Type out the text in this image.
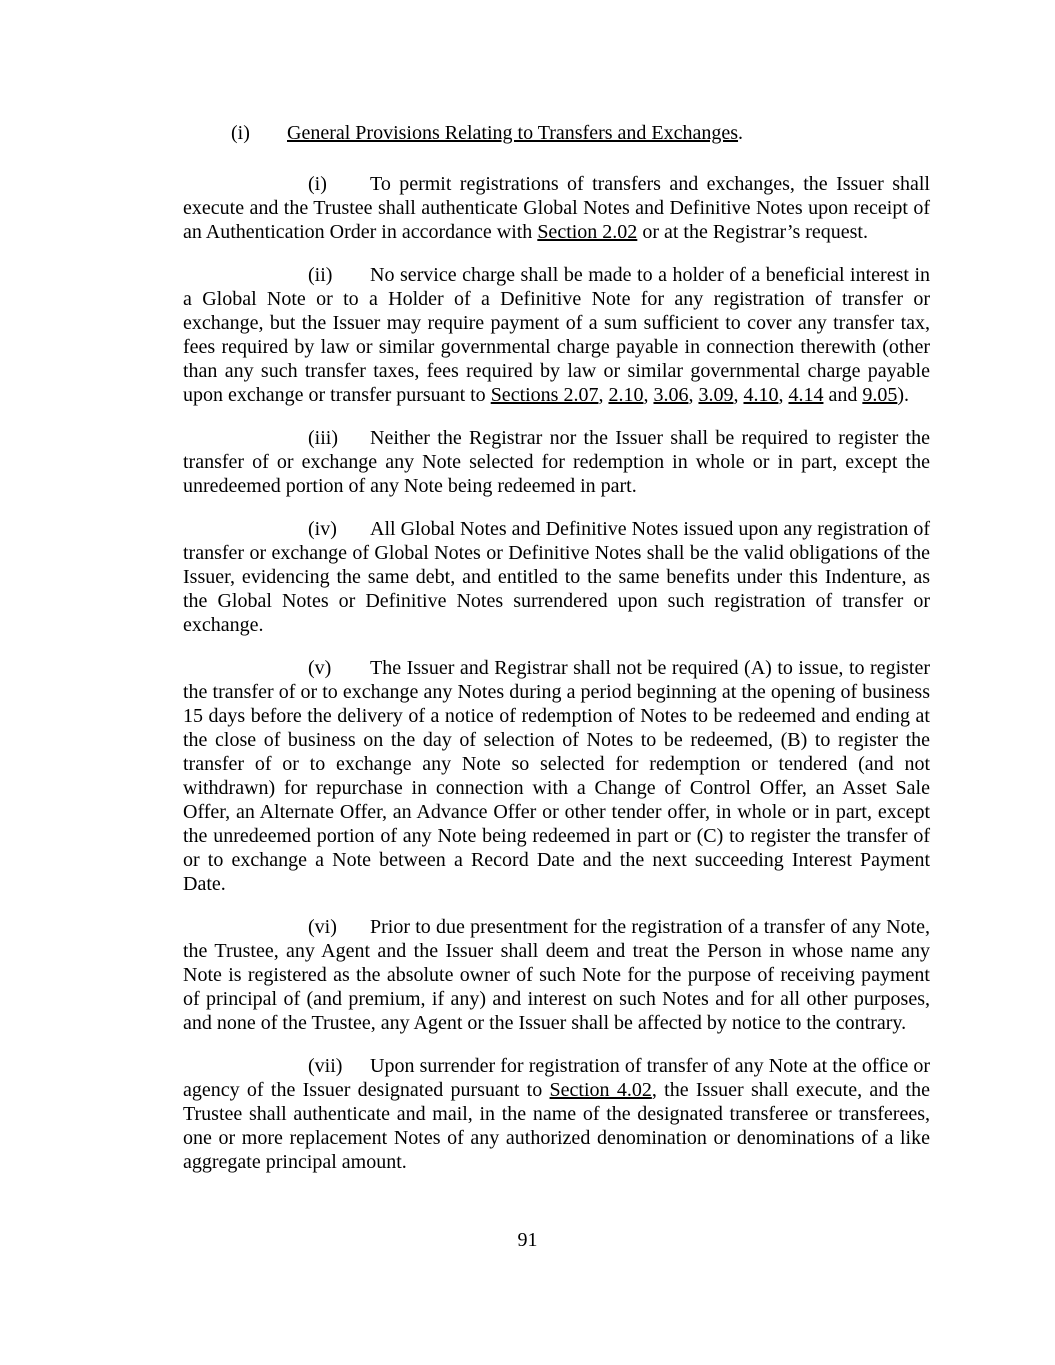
(i) General Provisions Relating to Transfers and Exchanges.

(i) To permit registrations of transfers and exchanges, the Issuer shall execute and the Trustee shall authenticate Global Notes and Definitive Notes upon receipt of an Authentication Order in accordance with Section 2.02 or at the Registrar’s request.

(ii) No service charge shall be made to a holder of a beneficial interest in a Global Note or to a Holder of a Definitive Note for any registration of transfer or exchange, but the Issuer may require payment of a sum sufficient to cover any transfer tax, fees required by law or similar governmental charge payable in connection therewith (other than any such transfer taxes, fees required by law or similar governmental charge payable upon exchange or transfer pursuant to Sections 2.07, 2.10, 3.06, 3.09, 4.10, 4.14 and 9.05).

(iii) Neither the Registrar nor the Issuer shall be required to register the transfer of or exchange any Note selected for redemption in whole or in part, except the unredeemed portion of any Note being redeemed in part.

(iv) All Global Notes and Definitive Notes issued upon any registration of transfer or exchange of Global Notes or Definitive Notes shall be the valid obligations of the Issuer, evidencing the same debt, and entitled to the same benefits under this Indenture, as the Global Notes or Definitive Notes surrendered upon such registration of transfer or exchange.

(v) The Issuer and Registrar shall not be required (A) to issue, to register the transfer of or to exchange any Notes during a period beginning at the opening of business 15 days before the delivery of a notice of redemption of Notes to be redeemed and ending at the close of business on the day of selection of Notes to be redeemed, (B) to register the transfer of or to exchange any Note so selected for redemption or tendered (and not withdrawn) for repurchase in connection with a Change of Control Offer, an Asset Sale Offer, an Alternate Offer, an Advance Offer or other tender offer, in whole or in part, except the unredeemed portion of any Note being redeemed in part or (C) to register the transfer of or to exchange a Note between a Record Date and the next succeeding Interest Payment Date.

(vi) Prior to due presentment for the registration of a transfer of any Note, the Trustee, any Agent and the Issuer shall deem and treat the Person in whose name any Note is registered as the absolute owner of such Note for the purpose of receiving payment of principal of (and premium, if any) and interest on such Notes and for all other purposes, and none of the Trustee, any Agent or the Issuer shall be affected by notice to the contrary.

(vii) Upon surrender for registration of transfer of any Note at the office or agency of the Issuer designated pursuant to Section 4.02, the Issuer shall execute, and the Trustee shall authenticate and mail, in the name of the designated transferee or transferees, one or more replacement Notes of any authorized denomination or denominations of a like aggregate principal amount.

91
